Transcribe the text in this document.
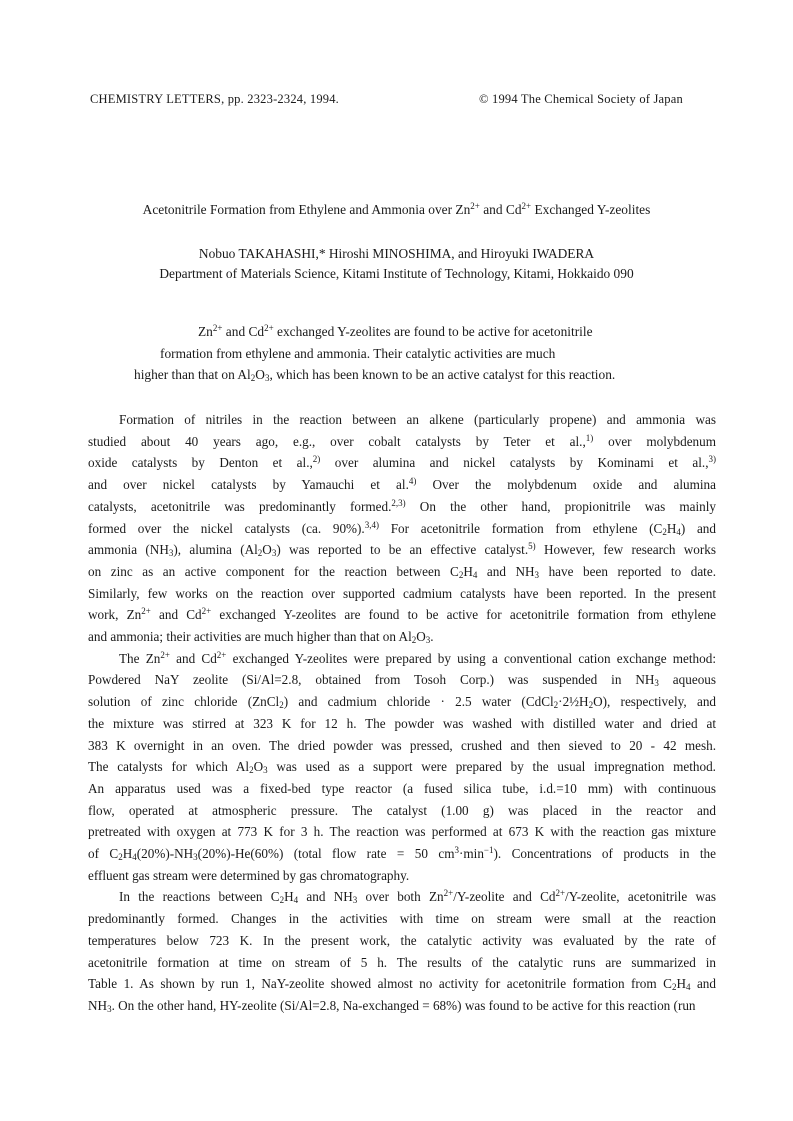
CHEMISTRY LETTERS, pp. 2323-2324, 1994.	© 1994 The Chemical Society of Japan
Acetonitrile Formation from Ethylene and Ammonia over $Zn^{2+}$ and $Cd^{2+}$ Exchanged Y-zeolites
Nobuo TAKAHASHI,* Hiroshi MINOSHIMA, and Hiroyuki IWADERA
Department of Materials Science, Kitami Institute of Technology, Kitami, Hokkaido 090
$Zn^{2+}$ and $Cd^{2+}$ exchanged Y-zeolites are found to be active for acetonitrile
formation from ethylene and ammonia. Their catalytic activities are much
higher than that on $Al_2O_3$, which has been known to be an active catalyst for this reaction.

Formation of nitriles in the reaction between an alkene (particularly propene) and ammonia was
studied about 40 years ago, e.g., over cobalt catalysts by Teter et al.,$^{1)}$ over molybdenum
oxide catalysts by Denton et al.,$^{2)}$ over alumina and nickel catalysts by Kominami et al.,$^{3)}$
and over nickel catalysts by Yamauchi et al.$^{4)}$ Over the molybdenum oxide and alumina
catalysts, acetonitrile was predominantly formed.$^{2,3)}$ On the other hand, propionitrile was mainly
formed over the nickel catalysts (ca. 90%).$^{3,4)}$ For acetonitrile formation from ethylene $(C_2H_4)$ and
ammonia $(NH_3)$, alumina $(Al_2O_3)$ was reported to be an effective catalyst.$^{5)}$ However, few research works
on zinc as an active component for the reaction between $C_2H_4$ and $NH_3$ have been reported to date.
Similarly, few works on the reaction over supported cadmium catalysts have been reported. In the present
work, $Zn^{2+}$ and $Cd^{2+}$ exchanged Y-zeolites are found to be active for acetonitrile formation from ethylene
and ammonia; their activities are much higher than that on $Al_2O_3$.

The $Zn^{2+}$ and $Cd^{2+}$ exchanged Y-zeolites were prepared by using a conventional cation exchange method:
Powdered NaY zeolite (Si/Al=2.8, obtained from Tosoh Corp.) was suspended in $NH_3$ aqueous
solution of zinc chloride (ZnCl$_2$) and cadmium chloride · 2.5 water $(CdCl_2\cdot 2\frac{1}{2}H_2O)$, respectively, and
the mixture was stirred at 323 K for 12 h. The powder was washed with distilled water and dried at
383 K overnight in an oven. The dried powder was pressed, crushed and then sieved to 20 - 42 mesh.
The catalysts for which $Al_2O_3$ was used as a support were prepared by the usual impregnation method.
An apparatus used was a fixed-bed type reactor (a fused silica tube, i.d.=10 mm) with continuous
flow, operated at atmospheric pressure. The catalyst (1.00 g) was placed in the reactor and
pretreated with oxygen at 773 K for 3 h. The reaction was performed at 673 K with the reaction gas mixture
of $C_2H_4(20\%)-NH_3(20\%)-He(60\%)$ (total flow rate = 50 $cm^3\cdot\min^{-1}$). Concentrations of products in the
effluent gas stream were determined by gas chromatography.

In the reactions between $C_2H_4$ and $NH_3$ over both $Zn^{2+}/Y$-zeolite and $Cd^{2+}/Y$-zeolite, acetonitrile was
predominantly formed. Changes in the activities with time on stream were small at the reaction
temperatures below 723 K. In the present work, the catalytic activity was evaluated by the rate of
acetonitrile formation at time on stream of 5 h. The results of the catalytic runs are summarized in
Table 1. As shown by run 1, NaY-zeolite showed almost no activity for acetonitrile formation from $C_2H_4$ and
$NH_3$. On the other hand, HY-zeolite (Si/Al=2.8, Na-exchanged = 68%) was found to be active for this reaction (run
